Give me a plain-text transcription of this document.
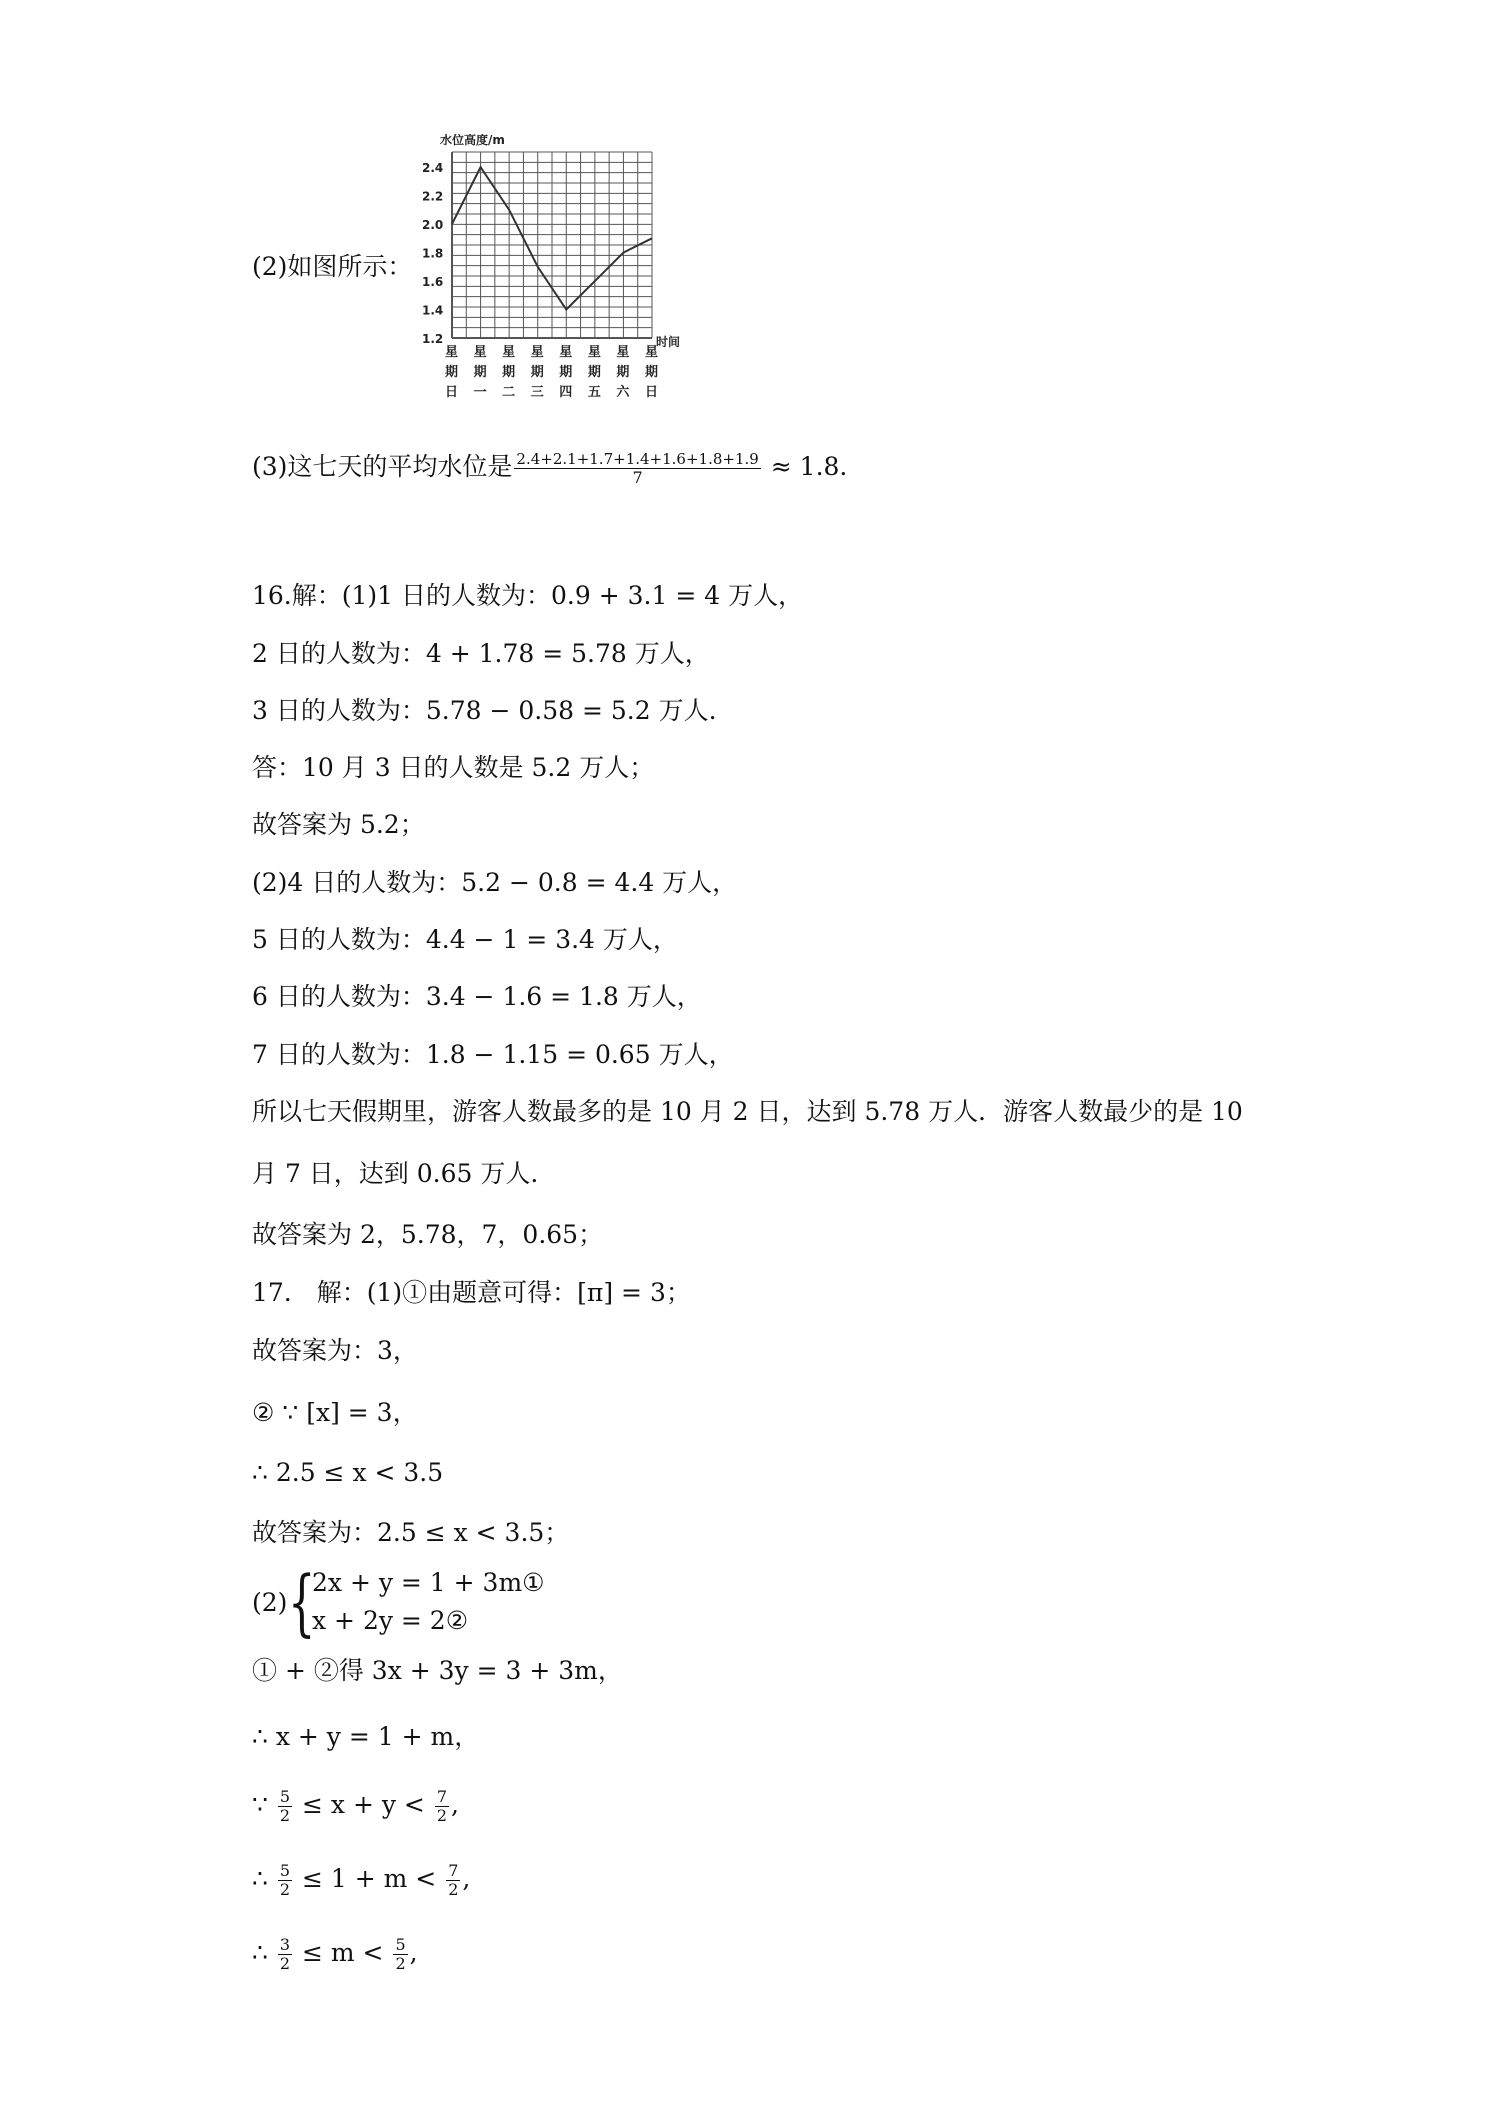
(2)如图所示：
水位高度/m
2.4
2.2
2.0
1.8
1.6
1.4
1.2
星
期
日
星
期
一
星
期
二
星
期
三
星
期
四
星
期
五
星
期
六
星
期
日
时间
(3)这七天的平均水位是 $\frac{2.4+2.1+1.7+1.4+1.6+1.8+1.9}{7} \approx 1.8$.
16.解：(1)1 日的人数为：0.9 + 3.1 = 4 万人，
2 日的人数为：4 + 1.78 = 5.78 万人，
3 日的人数为：5.78 − 0.58 = 5.2 万人.
答：10 月 3 日的人数是 5.2 万人；
故答案为 5.2；
(2)4 日的人数为：5.2 − 0.8 = 4.4 万人，
5 日的人数为：4.4 − 1 = 3.4 万人，
6 日的人数为：3.4 − 1.6 = 1.8 万人，
7 日的人数为：1.8 − 1.15 = 0.65 万人，
所以七天假期里，游客人数最多的是 10 月 2 日，达到 5.78 万人．游客人数最少的是 10
月 7 日，达到 0.65 万人.
故答案为 2，5.78，7，0.65；
17.　解：(1)①由题意可得：[π] = 3；
故答案为：3，
② ∵ [x] = 3，
∴ 2.5 ≤ x < 3.5
故答案为：2.5 ≤ x < 3.5；
(2) {
2x + y = 1 + 3m①
x + 2y = 2②
① + ②得 3x + 3y = 3 + 3m，
∴ x + y = 1 + m，
∵ $\frac{5}{2} \le x + y < \frac{7}{2}$ ,
∴ $\frac{5}{2} \le 1 + m < \frac{7}{2}$ ,
∴ $\frac{3}{2} \le m < \frac{5}{2}$ ,
